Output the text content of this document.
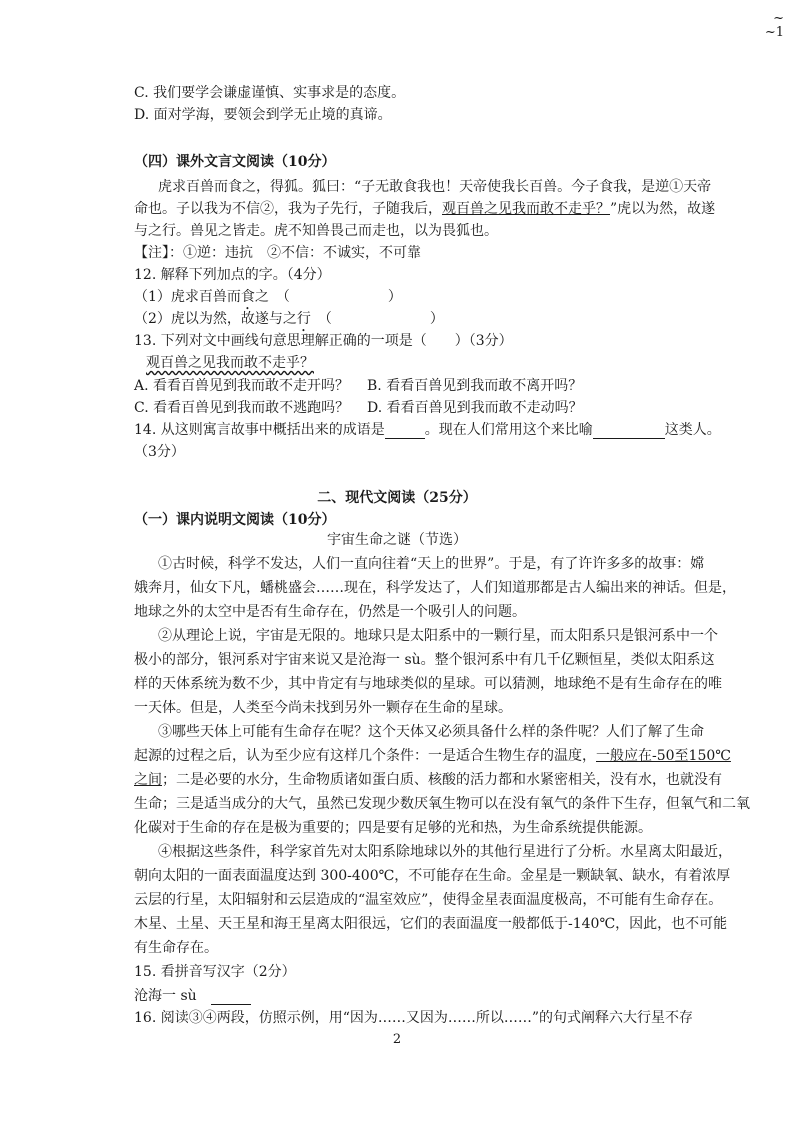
~
~1
C. 我们要学会谦虚谨慎、实事求是的态度。
D. 面对学海，要领会到学无止境的真谛。
（四）课外文言文阅读（10分）
虎求百兽而食之，得狐。狐曰：“子无敢食我也！天帝使我长百兽。今子食我，是逆①天帝
命也。子以我为不信②，我为子先行，子随我后，观百兽之见我而敢不走乎？”虎以为然，故遂
与之行。兽见之皆走。虎不知兽畏己而走也，以为畏狐也。
【注】：①逆：违抗　②不信：不诚实，不可靠
12. 解释下列加点的字。（4分）
（1）虎求百兽而食之　（　　　　　　　）
（2）虎以为然，故遂与之行　（　　　　　　　）
13. 下列对文中画线句意思理解正确的一项是（　　）（3分）
观百兽之见我而敢不走乎？
A. 看看百兽见到我而敢不走开吗？ B. 看看百兽见到我而敢不离开吗？
C. 看看百兽见到我而敢不逃跑吗？ D. 看看百兽见到我而敢不走动吗？
14. 从这则寓言故事中概括出来的成语是	。现在人们常用这个来比喻	这类人。
（3分）
二、现代文阅读（25分）
（一）课内说明文阅读（10分）
宇宙生命之谜（节选）
①古时候，科学不发达，人们一直向往着“天上的世界”。于是，有了许许多多的故事：嫦
娥奔月，仙女下凡，蟠桃盛会……现在，科学发达了，人们知道那都是古人编出来的神话。但是，
地球之外的太空中是否有生命存在，仍然是一个吸引人的问题。
②从理论上说，宇宙是无限的。地球只是太阳系中的一颗行星，而太阳系只是银河系中一个
极小的部分，银河系对宇宙来说又是沧海一 sù。整个银河系中有几千亿颗恒星，类似太阳系这
样的天体系统为数不少，其中肯定有与地球类似的星球。可以猜测，地球绝不是有生命存在的唯
一天体。但是，人类至今尚未找到另外一颗存在生命的星球。
③哪些天体上可能有生命存在呢？这个天体又必须具备什么样的条件呢？人们了解了生命
起源的过程之后，认为至少应有这样几个条件：一是适合生物生存的温度，一般应在-50至150℃
之间；二是必要的水分，生命物质诸如蛋白质、核酸的活力都和水紧密相关，没有水，也就没有
生命；三是适当成分的大气，虽然已发现少数厌氧生物可以在没有氧气的条件下生存，但氧气和二氧
化碳对于生命的存在是极为重要的；四是要有足够的光和热，为生命系统提供能源。
④根据这些条件，科学家首先对太阳系除地球以外的其他行星进行了分析。水星离太阳最近，
朝向太阳的一面表面温度达到 300-400℃，不可能存在生命。金星是一颗缺氧、缺水，有着浓厚
云层的行星，太阳辐射和云层造成的“温室效应”，使得金星表面温度极高，不可能有生命存在。
木星、土星、天王星和海王星离太阳很远，它们的表面温度一般都低于-140℃，因此，也不可能
有生命存在。
15. 看拼音写汉字（2分）
沧海一 sù　
16. 阅读③④两段，仿照示例，用“因为……又因为……所以……”的句式阐释六大行星不存
2
